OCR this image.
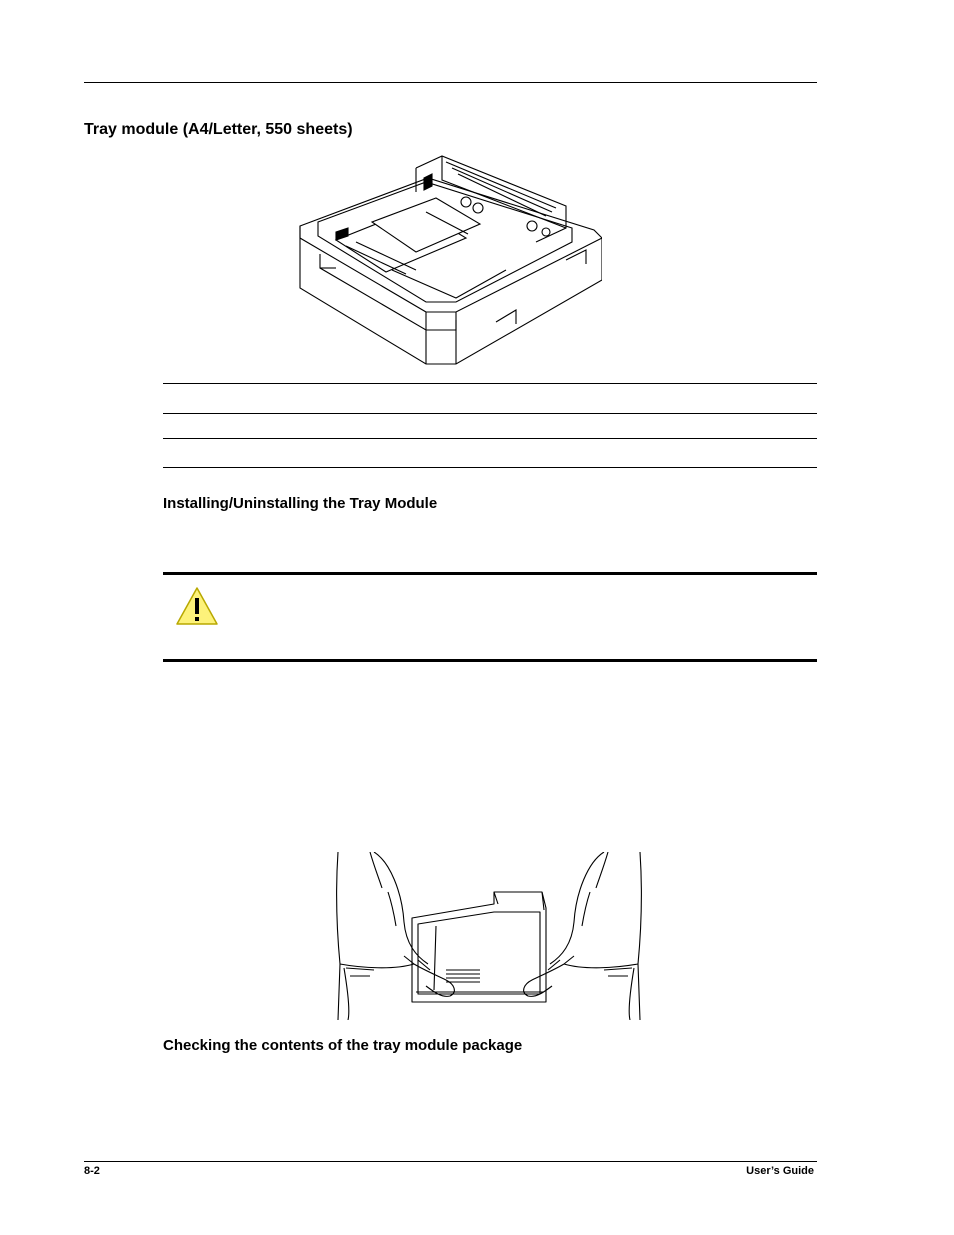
Tray module (A4/Letter, 550 sheets)
Installing/Uninstalling the Tray Module
Checking the contents of the tray module package
8-2	User’s Guide
